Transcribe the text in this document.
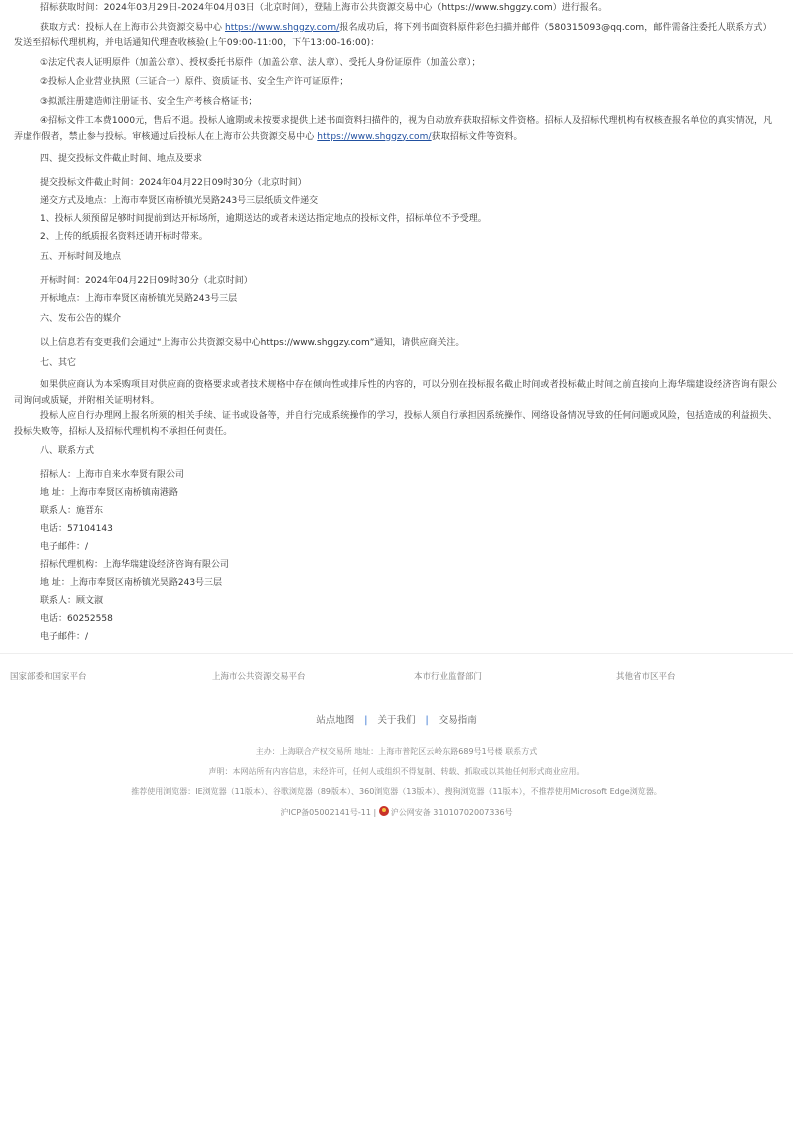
招标获取时间：2024年03月29日-2024年04月03日（北京时间），登陆上海市公共资源交易中心（https://www.shggzy.com）进行报名。

获取方式：投标人在上海市公共资源交易中心 https://www.shggzy.com/报名成功后，将下列书面资料原件彩色扫描并邮件（580315093@qq.com，邮件需备注委托人联系方式）发送至招标代理机构，并电话通知代理查收核验(上午09:00-11:00，下午13:00-16:00)：

①法定代表人证明原件（加盖公章）、授权委托书原件（加盖公章、法人章）、受托人身份证原件（加盖公章）；

②投标人企业营业执照（三证合一）原件、资质证书、安全生产许可证原件；

③拟派注册建造师注册证书、安全生产考核合格证书；

④招标文件工本费1000元，售后不退。投标人逾期或未按要求提供上述书面资料扫描件的，视为自动放弃获取招标文件资格。招标人及招标代理机构有权核查报名单位的真实情况，凡弄虚作假者，禁止参与投标。审核通过后投标人在上海市公共资源交易中心 https://www.shggzy.com/获取招标文件等资料。

四、提交投标文件截止时间、地点及要求
提交投标文件截止时间：2024年04月22日09时30分（北京时间）
递交方式及地点：上海市奉贤区南桥镇光昊路243号三层纸质文件递交
1、投标人须预留足够时间提前到达开标场所，逾期送达的或者未送达指定地点的投标文件，招标单位不予受理。
2、上传的纸质报名资料还请开标时带来。
五、开标时间及地点
开标时间：2024年04月22日09时30分（北京时间）
开标地点：上海市奉贤区南桥镇光昊路243号三层
六、发布公告的媒介
以上信息若有变更我们会通过“上海市公共资源交易中心https://www.shggzy.com”通知，请供应商关注。
七、其它

如果供应商认为本采购项目对供应商的资格要求或者技术规格中存在倾向性或排斥性的内容的，可以分别在投标报名截止时间或者投标截止时间之前直接向上海华瑞建设经济咨询有限公司询问或质疑，并附相关证明材料。

投标人应自行办理网上报名所须的相关手续、证书或设备等，并自行完成系统操作的学习，投标人须自行承担因系统操作、网络设备情况导致的任何问题或风险，包括造成的利益损失、投标失败等，招标人及招标代理机构不承担任何责任。

八、联系方式
招标人：上海市自来水奉贤有限公司
地 址：上海市奉贤区南桥镇南港路
联系人：施晋东
电话：57104143
电子邮件：/
招标代理机构：上海华瑞建设经济咨询有限公司
地 址：上海市奉贤区南桥镇光昊路243号三层
联系人：顾文淑
电话：60252558
电子邮件：/
国家部委和国家平台	上海市公共资源交易平台	本市行业监督部门	其他省市区平台
站点地图 | 关于我们 | 交易指南
主办：上海联合产权交易所 地址：上海市普陀区云岭东路689号1号楼 联系方式
声明：本网站所有内容信息，未经许可，任何人或组织不得复制、转载、抓取或以其他任何形式商业应用。
推荐使用浏览器：IE浏览器（11版本）、谷歌浏览器（89版本）、360浏览器（13版本）、搜狗浏览器（11版本），不推荐使用Microsoft Edge浏览器。
沪ICP备05002141号-11 | 沪公网安备 31010702007336号
